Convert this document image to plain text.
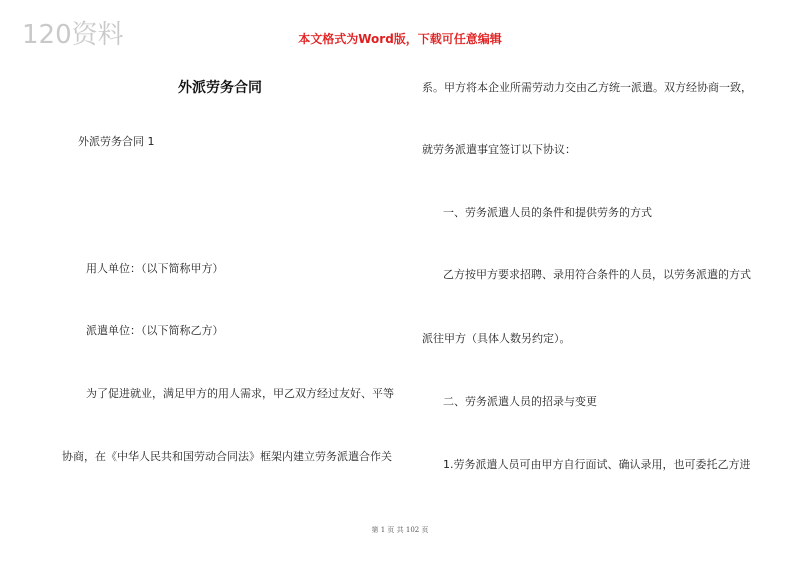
120资料	本文格式为Word版，下载可任意编辑
外派劳务合同
外派劳务合同 1
用人单位：（以下简称甲方）
派遣单位：（以下简称乙方）
为了促进就业，满足甲方的用人需求，甲乙双方经过友好、平等
协商，在《中华人民共和国劳动合同法》框架内建立劳务派遣合作关
系。甲方将本企业所需劳动力交由乙方统一派遣。双方经协商一致，
就劳务派遣事宜签订以下协议：
一、劳务派遣人员的条件和提供劳务的方式
乙方按甲方要求招聘、录用符合条件的人员，以劳务派遣的方式
派往甲方（具体人数另约定）。
二、劳务派遣人员的招录与变更
1.劳务派遣人员可由甲方自行面试、确认录用，也可委托乙方进
第 1 页 共 102 页
